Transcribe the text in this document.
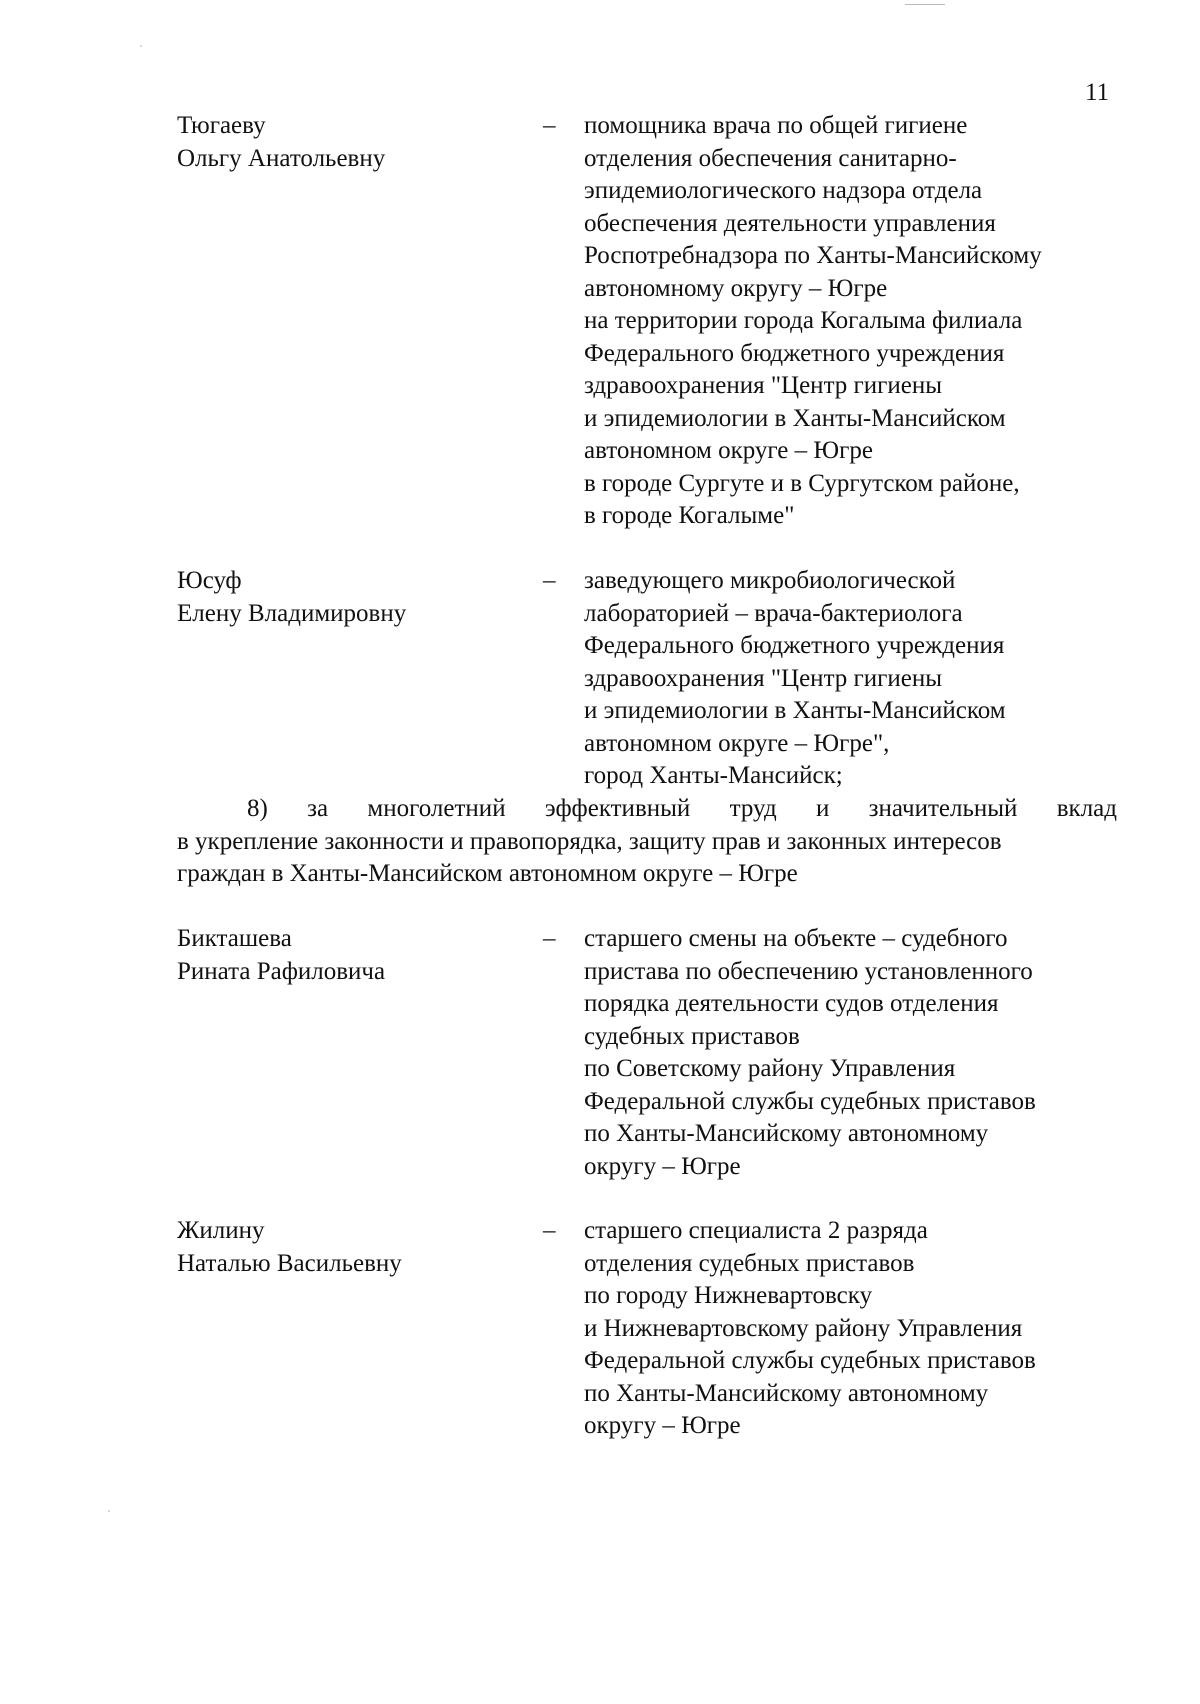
11
Тюгаеву
Ольгу Анатольевну
– помощника врача по общей гигиене
отделения обеспечения санитарно-
эпидемиологического надзора отдела
обеспечения деятельности управления
Роспотребнадзора по Ханты-Мансийскому
автономному округу – Югре
на территории города Когалыма филиала
Федерального бюджетного учреждения
здравоохранения "Центр гигиены
и эпидемиологии в Ханты-Мансийском
автономном округе – Югре
в городе Сургуте и в Сургутском районе,
в городе Когалыме"
Юсуф
Елену Владимировну
– заведующего микробиологической
лабораторией – врача-бактериолога
Федерального бюджетного учреждения
здравоохранения "Центр гигиены
и эпидемиологии в Ханты-Мансийском
автономном округе – Югре",
город Ханты-Мансийск;
8) за многолетний эффективный труд и значительный вклад
в укрепление законности и правопорядка, защиту прав и законных интересов
граждан в Ханты-Мансийском автономном округе – Югре
Бикташева
Рината Рафиловича
– старшего смены на объекте – судебного
пристава по обеспечению установленного
порядка деятельности судов отделения
судебных приставов
по Советскому району Управления
Федеральной службы судебных приставов
по Ханты-Мансийскому автономному
округу – Югре
Жилину
Наталью Васильевну
– старшего специалиста 2 разряда
отделения судебных приставов
по городу Нижневартовску
и Нижневартовскому району Управления
Федеральной службы судебных приставов
по Ханты-Мансийскому автономному
округу – Югре
